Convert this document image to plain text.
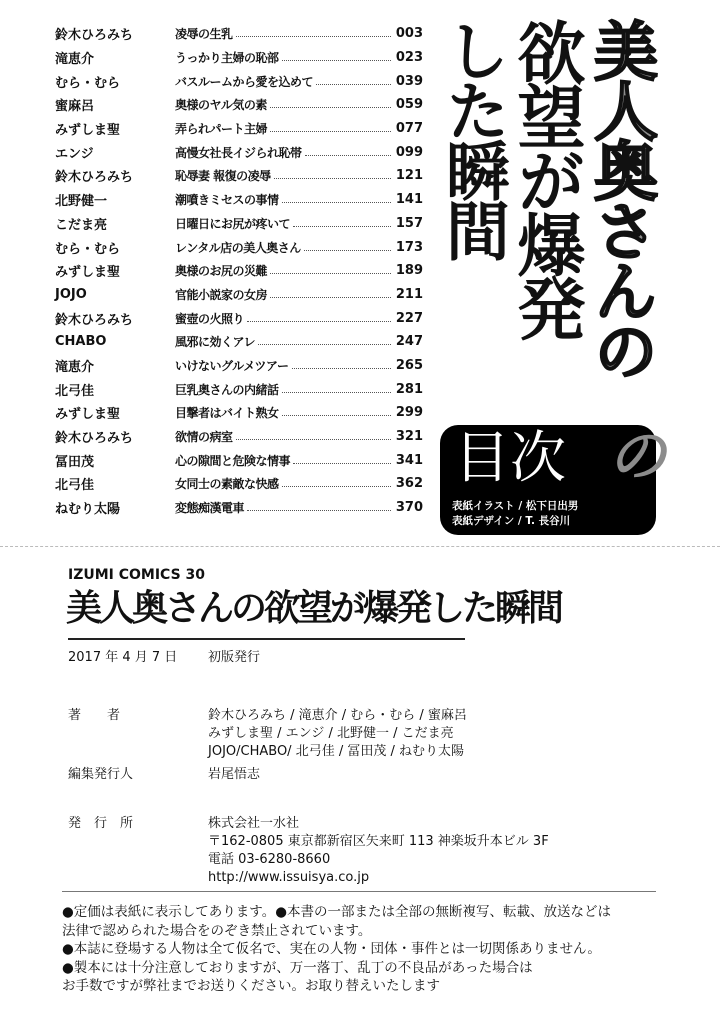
鈴木ひろみち	凌辱の生乳	003
滝恵介	うっかり主婦の恥部	023
むら・むら	バスルームから愛を込めて	039
蜜麻呂	奥様のヤル気の素	059
みずしま聖	弄られパート主婦	077
エンジ	高慢女社長イジられ恥帯	099
鈴木ひろみち	恥辱妻 報復の凌辱	121
北野健一	潮噴きミセスの事情	141
こだま亮	日曜日にお尻が疼いて	157
むら・むら	レンタル店の美人奥さん	173
みずしま聖	奥様のお尻の災難	189
JOJO	官能小説家の女房	211
鈴木ひろみち	蜜壺の火照り	227
CHABO	風邪に効くアレ	247
滝恵介	いけないグルメツアー	265
北弓佳	巨乳奥さんの内緒話	281
みずしま聖	目撃者はバイト熟女	299
鈴木ひろみち	欲情の病室	321
冨田茂	心の隙間と危険な情事	341
北弓佳	女同士の素敵な快感	362
ねむり太陽	変態痴漢電車	370
美人奥さんの
欲望が爆発
した瞬間
目次 の
表紙イラスト / 松下日出男
表紙デザイン / T. 長谷川
IZUMI COMICS 30
美人奥さんの欲望が爆発した瞬間
2017 年 4 月 7 日 初版発行
著　　者	鈴木ひろみち / 滝恵介 / むら・むら / 蜜麻呂
みずしま聖 / エンジ / 北野健一 / こだま亮
JOJO/CHABO/ 北弓佳 / 冨田茂 / ねむり太陽
編集発行人	岩尾悟志
発　行　所	株式会社一水社
〒162-0805 東京都新宿区矢来町 113 神楽坂升本ビル 3F
電話 03-6280-8660
http://www.issuisya.co.jp
●定価は表紙に表示してあります。●本書の一部または全部の無断複写、転載、放送などは
法律で認められた場合をのぞき禁止されています。
●本誌に登場する人物は全て仮名で、実在の人物・団体・事件とは一切関係ありません。
●製本には十分注意しておりますが、万一落丁、乱丁の不良品があった場合は
お手数ですが弊社までお送りください。お取り替えいたします
